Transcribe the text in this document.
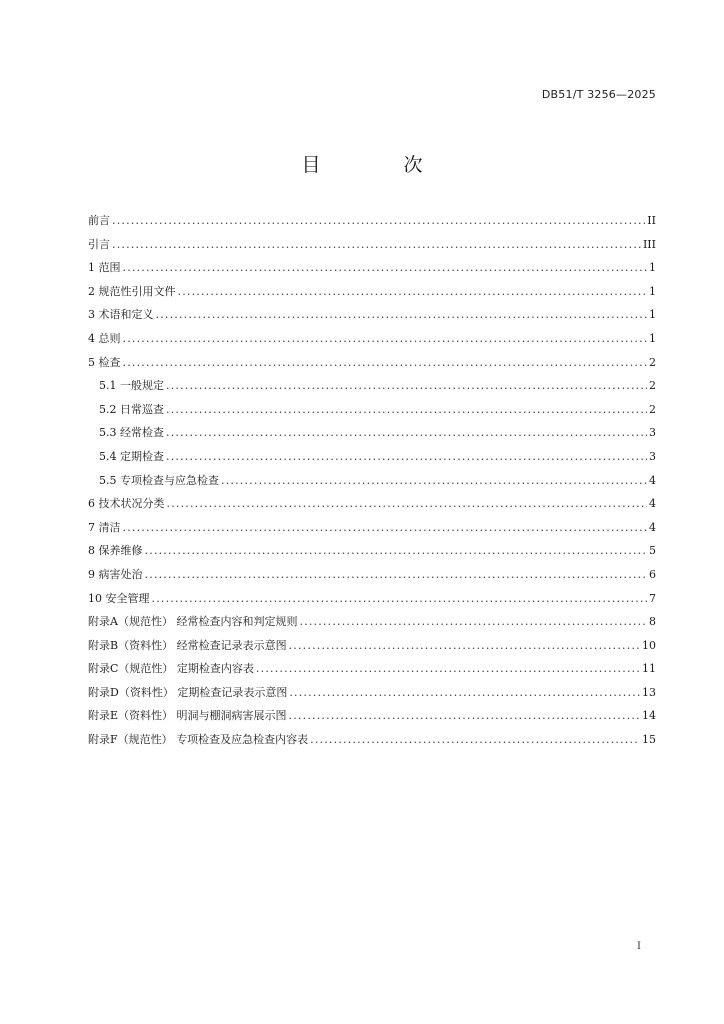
DB51/T 3256—2025
目　次
前言 .....	II
引言 .....	III
1 范围 .....	1
2 规范性引用文件 .....	1
3 术语和定义 .....	1
4 总则 .....	1
5 检查 .....	2
5.1 一般规定 .....	2
5.2 日常巡查 .....	2
5.3 经常检查 .....	3
5.4 定期检查 .....	3
5.5 专项检查与应急检查 .....	4
6 技术状况分类 .....	4
7 清洁 .....	4
8 保养维修 .....	5
9 病害处治 .....	6
10 安全管理 .....	7
附录A（规范性） 经常检查内容和判定规则 .....	8
附录B（资料性） 经常检查记录表示意图 .....	10
附录C（规范性） 定期检查内容表 .....	11
附录D（资料性） 定期检查记录表示意图 .....	13
附录E（资料性） 明洞与棚洞病害展示图 .....	14
附录F（规范性） 专项检查及应急检查内容表 .....	15
I
